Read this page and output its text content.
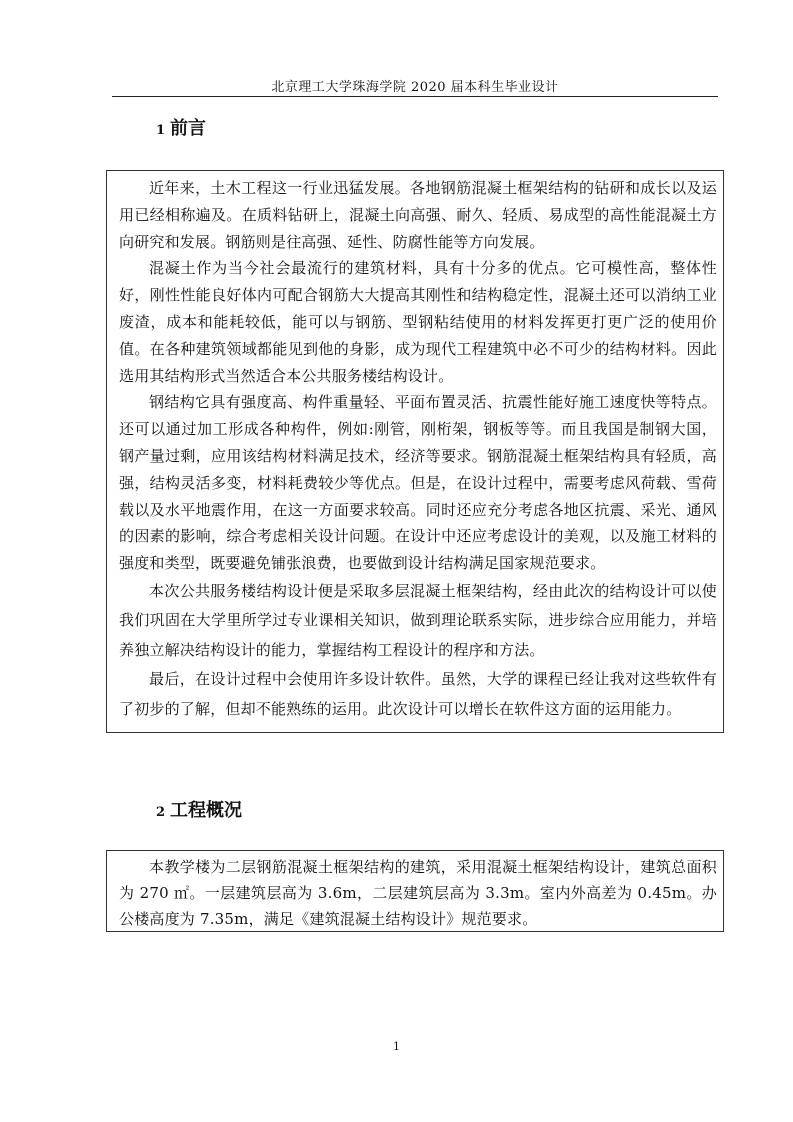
北京理工大学珠海学院 2020 届本科生毕业设计
1 前言

近年来，土木工程这一行业迅猛发展。各地钢筋混凝土框架结构的钻研和成长以及运用已经相称遍及。在质料钻研上，混凝土向高强、耐久、轻质、易成型的高性能混凝土方向研究和发展。钢筋则是往高强、延性、防腐性能等方向发展。

混凝土作为当今社会最流行的建筑材料，具有十分多的优点。它可模性高，整体性好，刚性性能良好体内可配合钢筋大大提高其刚性和结构稳定性，混凝土还可以消纳工业废渣，成本和能耗较低，能可以与钢筋、型钢粘结使用的材料发挥更打更广泛的使用价值。在各种建筑领域都能见到他的身影，成为现代工程建筑中必不可少的结构材料。因此选用其结构形式当然适合本公共服务楼结构设计。

钢结构它具有强度高、构件重量轻、平面布置灵活、抗震性能好施工速度快等特点。还可以通过加工形成各种构件，例如:刚管，刚桁架，钢板等等。而且我国是制钢大国，钢产量过剩，应用该结构材料满足技术，经济等要求。钢筋混凝土框架结构具有轻质，高强，结构灵活多变，材料耗费较少等优点。但是，在设计过程中，需要考虑风荷载、雪荷载以及水平地震作用，在这一方面要求较高。同时还应充分考虑各地区抗震、采光、通风的因素的影响，综合考虑相关设计问题。在设计中还应考虑设计的美观，以及施工材料的强度和类型，既要避免铺张浪费，也要做到设计结构满足国家规范要求。

本次公共服务楼结构设计便是采取多层混凝土框架结构，经由此次的结构设计可以使我们巩固在大学里所学过专业课相关知识，做到理论联系实际，进步综合应用能力，并培养独立解决结构设计的能力，掌握结构工程设计的程序和方法。

最后，在设计过程中会使用许多设计软件。虽然，大学的课程已经让我对这些软件有了初步的了解，但却不能熟练的运用。此次设计可以增长在软件这方面的运用能力。

2 工程概况

本教学楼为二层钢筋混凝土框架结构的建筑，采用混凝土框架结构设计，建筑总面积为 270 ㎡。一层建筑层高为 3.6m，二层建筑层高为 3.3m。室内外高差为 0.45m。办公楼高度为 7.35m，满足《建筑混凝土结构设计》规范要求。

1
